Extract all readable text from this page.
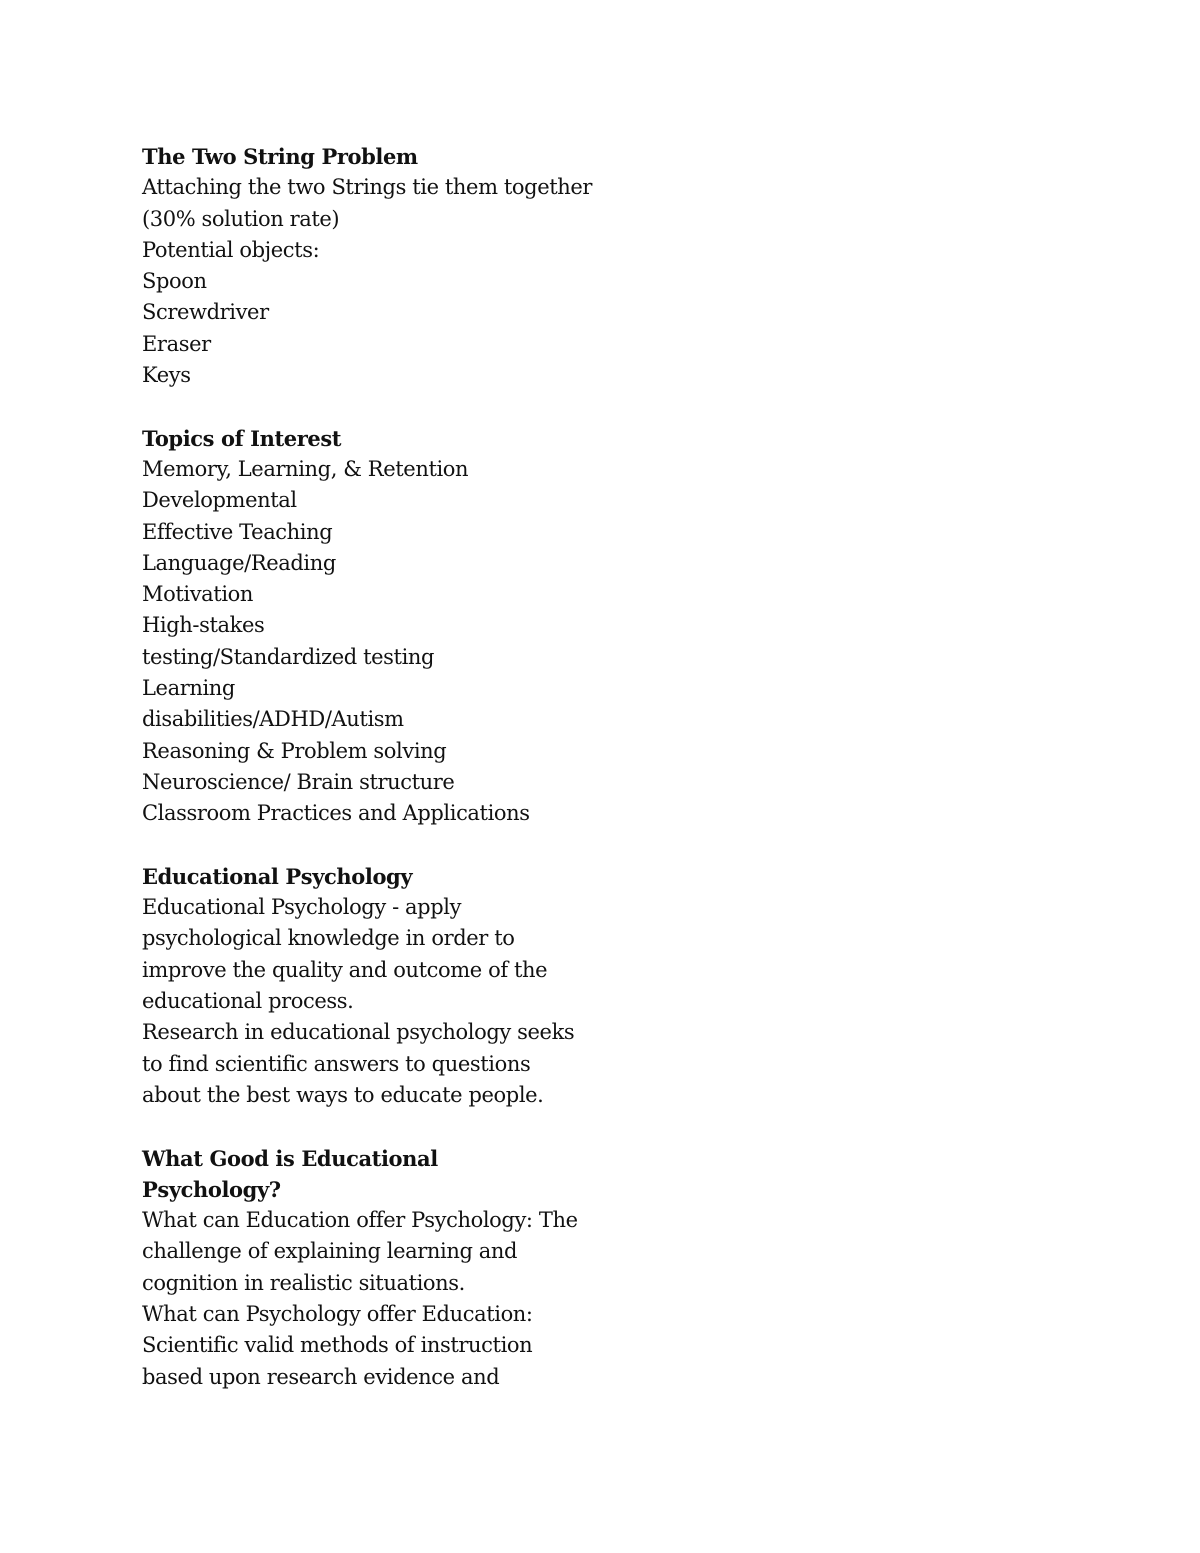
The Two String Problem
Attaching the two Strings tie them together
(30% solution rate)
Potential objects:
Spoon
Screwdriver
Eraser
Keys
Topics of Interest
Memory, Learning, & Retention
Developmental
Effective Teaching
Language/Reading
Motivation
High-stakes
testing/Standardized testing
Learning
disabilities/ADHD/Autism
Reasoning & Problem solving
Neuroscience/ Brain structure
Classroom Practices and Applications
Educational Psychology
Educational Psychology - apply
psychological knowledge in order to
improve the quality and outcome of the
educational process.
Research in educational psychology seeks
to find scientific answers to questions
about the best ways to educate people.
What Good is Educational
Psychology?
What can Education offer Psychology: The
challenge of explaining learning and
cognition in realistic situations.
What can Psychology offer Education:
Scientific valid methods of instruction
based upon research evidence and
